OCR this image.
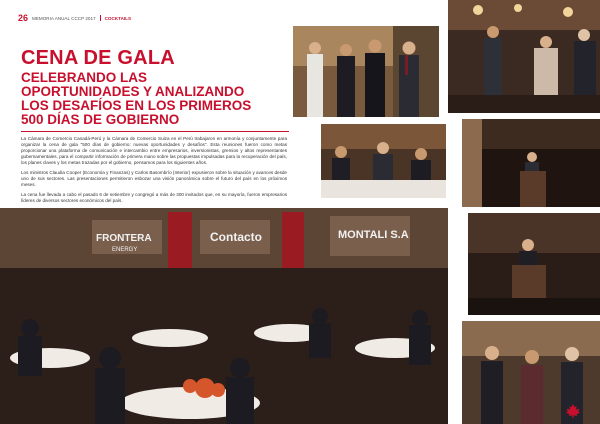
26 MEMORIA ANUAL CCCP 2017 COCKTAILS
CENA DE GALA
CELEBRANDO LAS
OPORTUNIDADES Y ANALIZANDO
LOS DESAFÍOS EN LOS PRIMEROS
500 DÍAS DE GOBIERNO

La Cámara de Comercio Canadá-Perú y la Cámara de Comercio Suiza en el Perú trabajaron en armonía y conjuntamente para organizar la cena de gala "500 días de gobierno: nuevas oportunidades y desafíos". Esta reuniones fueron como metas proporcionar una plataforma de comunicación e intercambio entre empresarios, inversionistas, gremios y altos representantes gubernamentales, para el compartir información de primera mano sobre las propuestas impulsadas para la recuperación del país, los planes claves y los metas trazadas por el gobierno, pensamos para los siguientes años.

Los ministros Claudia Cooper (Economía y Finanzas) y Carlos Basombrío (Interior) expusieron sobre la situación y avances desde uno de sus sectores. Las presentaciones permitieron esbozar una visión panorámica sobre el futuro del país en los próximos meses.

La cena fue llevada a cabo el pasado 6 de setiembre y congregó a más de 300 invitados que, en su mayoría, fueron empresarios líderes de diversos sectores económicos del país.

FRONTERA
ENERGY
Contacto	MONTALI S.A
